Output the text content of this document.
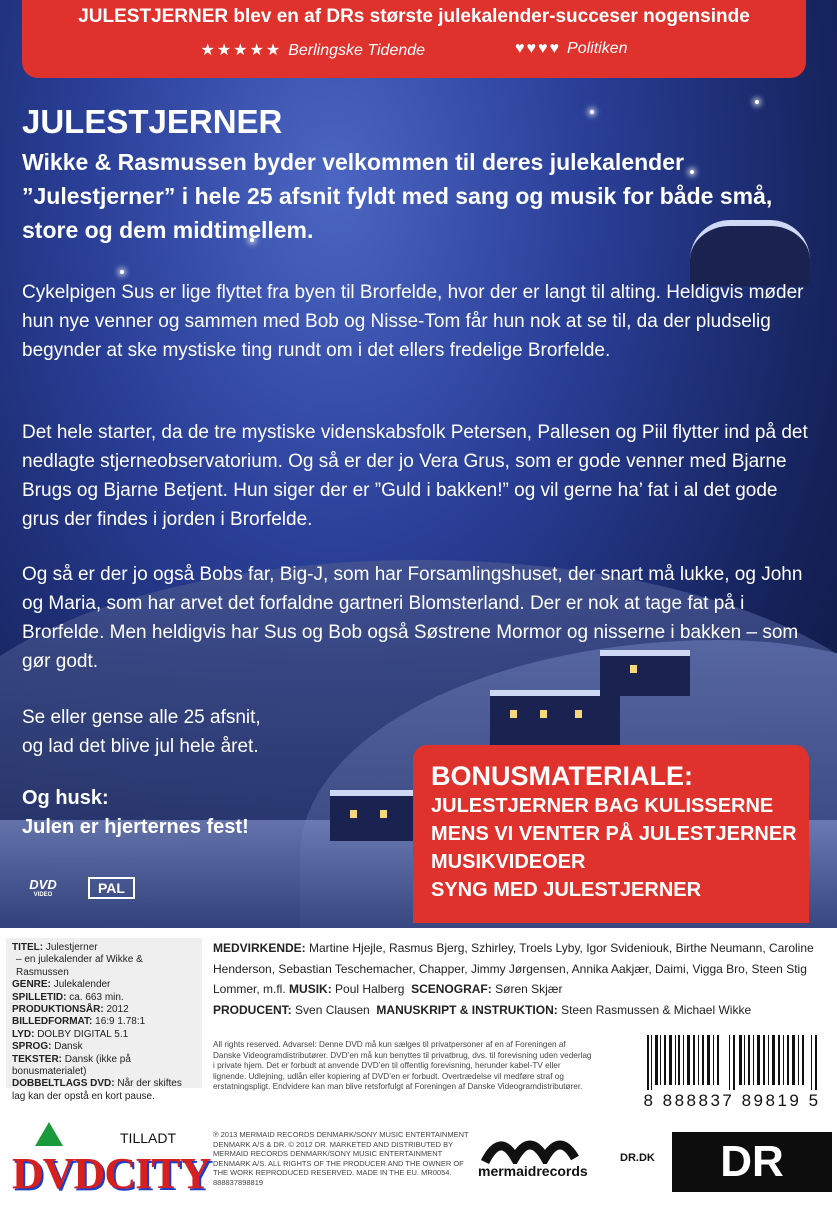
JULESTJERNER blev en af DRs største julekalender-succeser nogensinde
★★★★★ Berlingske Tidende	♥♥♥♥ Politiken
JULESTJERNER

Wikke & Rasmussen byder velkommen til deres julekalender ”Julestjerner” i hele 25 afsnit fyldt med sang og musik for både små, store og dem midtimellem.

Cykelpigen Sus er lige flyttet fra byen til Brorfelde, hvor der er langt til alting. Heldigvis møder hun nye venner og sammen med Bob og Nisse-Tom får hun nok at se til, da der pludselig begynder at ske mystiske ting rundt om i det ellers fredelige Brorfelde.

Det hele starter, da de tre mystiske videnskabsfolk Petersen, Pallesen og Piil flytter ind på det nedlagte stjerneobservatorium. Og så er der jo Vera Grus, som er gode venner med Bjarne Brugs og Bjarne Betjent. Hun siger der er ”Guld i bakken!” og vil gerne ha’ fat i al det gode grus der findes i jorden i Brorfelde.

Og så er der jo også Bobs far, Big-J, som har Forsamlingshuset, der snart må lukke, og John og Maria, som har arvet det forfaldne gartneri Blomsterland. Der er nok at tage fat på i Brorfelde. Men heldigvis har Sus og Bob også Søstrene Mormor og nisserne i bakken – som gør godt.

Se eller gense alle 25 afsnit,
og lad det blive jul hele året.

Og husk:
Julen er hjerternes fest!

DVD
VIDEO	PAL
BONUSMATERIALE:
JULESTJERNER BAG KULISSERNE
MENS VI VENTER PÅ JULESTJERNER
MUSIKVIDEOER
SYNG MED JULESTJERNER
TITEL: Julestjerner
– en julekalender af Wikke & Rasmussen
GENRE: Julekalender
SPILLETID: ca. 663 min.
PRODUKTIONSÅR: 2012
BILLEDFORMAT: 16:9 1.78:1
LYD: DOLBY DIGITAL 5.1
SPROG: Dansk
TEKSTER: Dansk (ikke på bonusmaterialet)
DOBBELTLAGS DVD: Når der skiftes lag kan der opstå en kort pause.
MEDVIRKENDE: Martine Hjejle, Rasmus Bjerg, Szhirley, Troels Lyby, Igor Svideniouk, Birthe Neumann, Caroline Henderson, Sebastian Teschemacher, Chapper, Jimmy Jørgensen, Annika Aakjær, Daimi, Vigga Bro, Steen Stig Lommer, m.fl. MUSIK: Poul Halberg SCENOGRAF: Søren Skjær
PRODUCENT: Sven Clausen MANUSKRIPT & INSTRUKTION: Steen Rasmussen & Michael Wikke
All rights reserved. Advarsel: Denne DVD må kun sælges til privatpersoner af en af Foreningen af Danske Videogramdistributører. DVD’en må kun benyttes til privatbrug, dvs. til forevisning uden vederlag i private hjem. Det er forbudt at anvende DVD’en til offentlig forevisning, herunder kabel-TV eller lignende. Udlejning, udlån eller kopiering af DVD’en er forbudt. Overtrædelse vil medføre straf og erstatningspligt. Endvidere kan man blive retsforfulgt af Foreningen af Danske Videogramdistributører.
℗ 2013 MERMAID RECORDS DENMARK/SONY MUSIC ENTERTAINMENT DENMARK A/S & DR. © 2012 DR. MARKETED AND DISTRIBUTED BY MERMAID RECORDS DENMARK/SONY MUSIC ENTERTAINMENT DENMARK A/S. ALL RIGHTS OF THE PRODUCER AND THE OWNER OF THE WORK REPRODUCED RESERVED. MADE IN THE EU. MR0054. 888837898819
8 888837 89819 5
TILLADT
DVDCITY	mermaidrecords
DR.DK	DR
